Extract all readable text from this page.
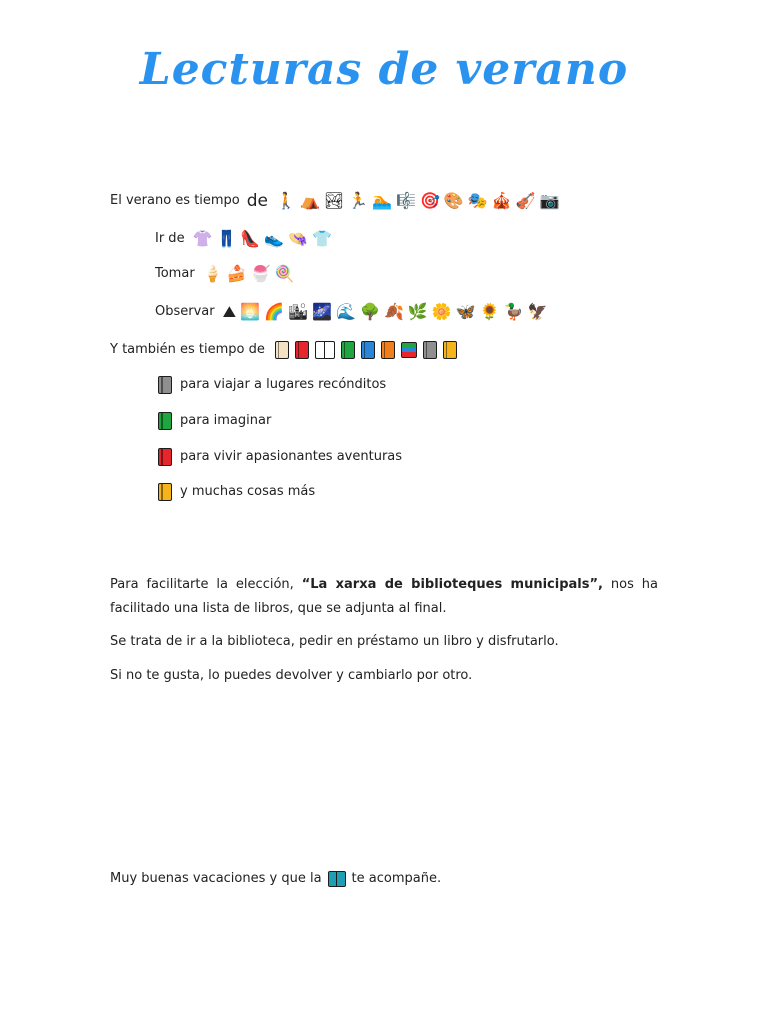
Lecturas de verano
El verano es tiempo de 🚶 ⛺ 🏞 🏃 🏊 🎼 🎯 🎨 🎭 🎪 🎻 📷
Ir de 👚 👖 👠 👟 👒 👕
Tomar 🍦 🍰 🍧 🍭
Observar ⛰ 🌅 🌈 🏙 🌌 🌊 🌳 🍂 🌿 🌼 🦋 🌻 🦆 🦅
Y también es tiempo de
para viajar a lugares recónditos
para imaginar
para vivir apasionantes aventuras
y muchas cosas más
Para facilitarte la elección, “La xarxa de biblioteques municipals”, nos ha facilitado una lista de libros, que se adjunta al final.
Se trata de ir a la biblioteca, pedir en préstamo un libro y disfrutarlo.
Si no te gusta, lo puedes devolver y cambiarlo por otro.
Muy buenas vacaciones y que la te acompañe.
